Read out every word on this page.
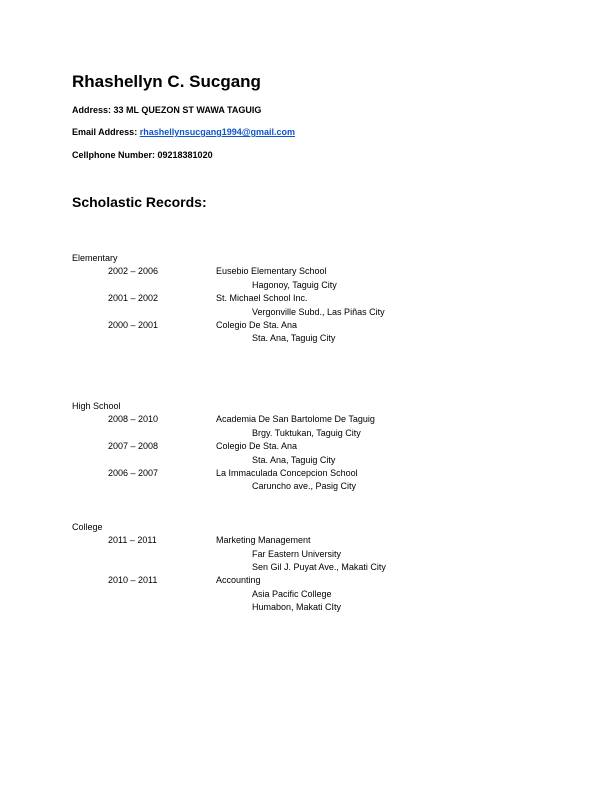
Rhashellyn C. Sucgang
Address: 33 ML QUEZON ST WAWA TAGUIG
Email Address: rhashellynsucgang1994@gmail.com
Cellphone Number: 09218381020
Scholastic Records:
Elementary
2002 – 2006	Eusebio Elementary School
Hagonoy, Taguig City
2001 – 2002	St. Michael School Inc.
Vergonville Subd., Las Piñas City
2000 – 2001	Colegio De Sta. Ana
Sta. Ana, Taguig City
High School
2008 – 2010	Academia De San Bartolome De Taguig
Brgy. Tuktukan, Taguig City
2007 – 2008	Colegio De Sta. Ana
Sta. Ana, Taguig City
2006 – 2007	La Immaculada Concepcion School
Caruncho ave., Pasig City
College
2011 – 2011	Marketing Management
Far Eastern University
Sen Gil J. Puyat Ave., Makati City
2010 – 2011	Accounting
Asia Pacific College
Humabon, Makati CIty
